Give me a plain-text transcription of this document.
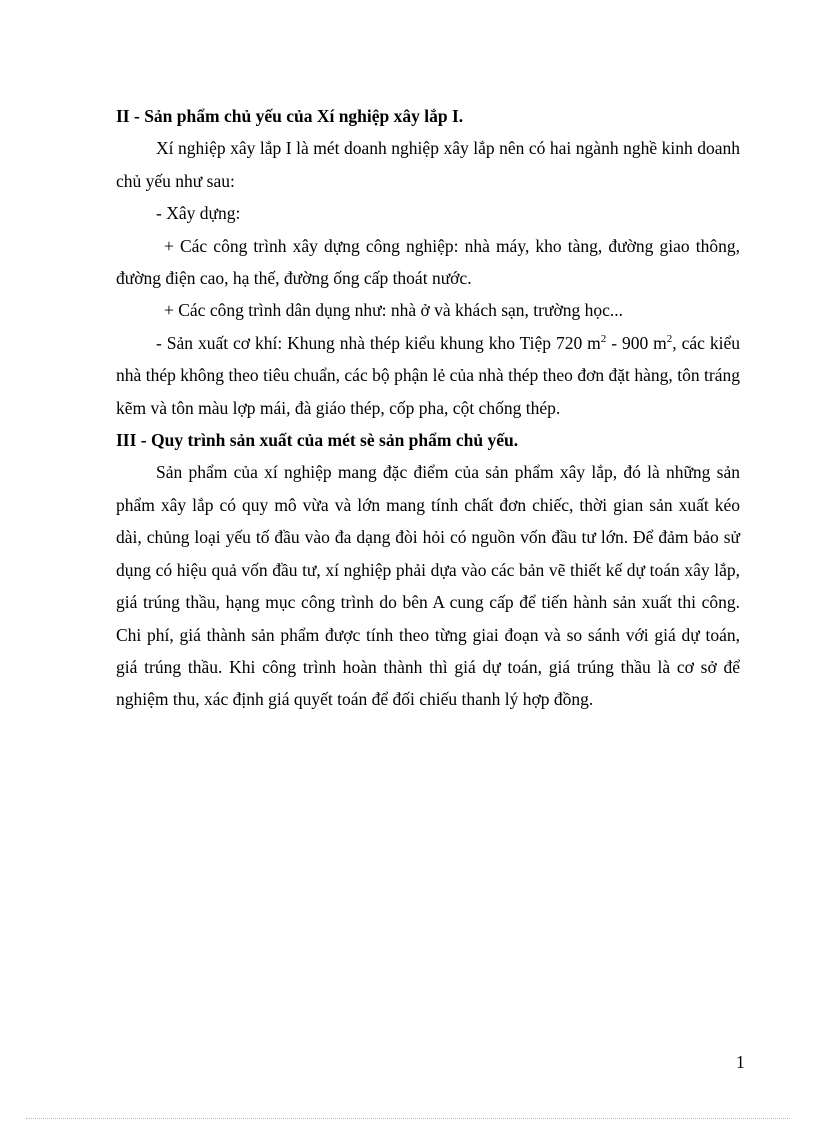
II - Sản phẩm chủ yếu của Xí nghiệp xây lắp I.

Xí nghiệp xây lắp I là mét doanh nghiệp xây lắp nên có hai ngành nghề kinh doanh chủ yếu như sau:

- Xây dựng:

+ Các công trình xây dựng công nghiệp: nhà máy, kho tàng, đường giao thông, đường điện cao, hạ thế, đường ống cấp thoát nước.

+ Các công trình dân dụng như: nhà ở và khách sạn, trường học...

- Sản xuất cơ khí: Khung nhà thép kiểu khung kho Tiệp 720 $m^2 - 900$ $m^2$, các kiểu nhà thép không theo tiêu chuẩn, các bộ phận lẻ của nhà thép theo đơn đặt hàng, tôn tráng kẽm và tôn màu lợp mái, đà giáo thép, cốp pha, cột chống thép.

III - Quy trình sản xuất của mét sè sản phẩm chủ yếu.

Sản phẩm của xí nghiệp mang đặc điểm của sản phẩm xây lắp, đó là những sản phẩm xây lắp có quy mô vừa và lớn mang tính chất đơn chiếc, thời gian sản xuất kéo dài, chủng loại yếu tố đầu vào đa dạng đòi hỏi có nguồn vốn đầu tư lớn. Để đảm bảo sử dụng có hiệu quả vốn đầu tư, xí nghiệp phải dựa vào các bản vẽ thiết kế dự toán xây lắp, giá trúng thầu, hạng mục công trình do bên A cung cấp để tiến hành sản xuất thi công. Chi phí, giá thành sản phẩm được tính theo từng giai đoạn và so sánh với giá dự toán, giá trúng thầu. Khi công trình hoàn thành thì giá dự toán, giá trúng thầu là cơ sở để nghiệm thu, xác định giá quyết toán để đối chiếu thanh lý hợp đồng.

1
